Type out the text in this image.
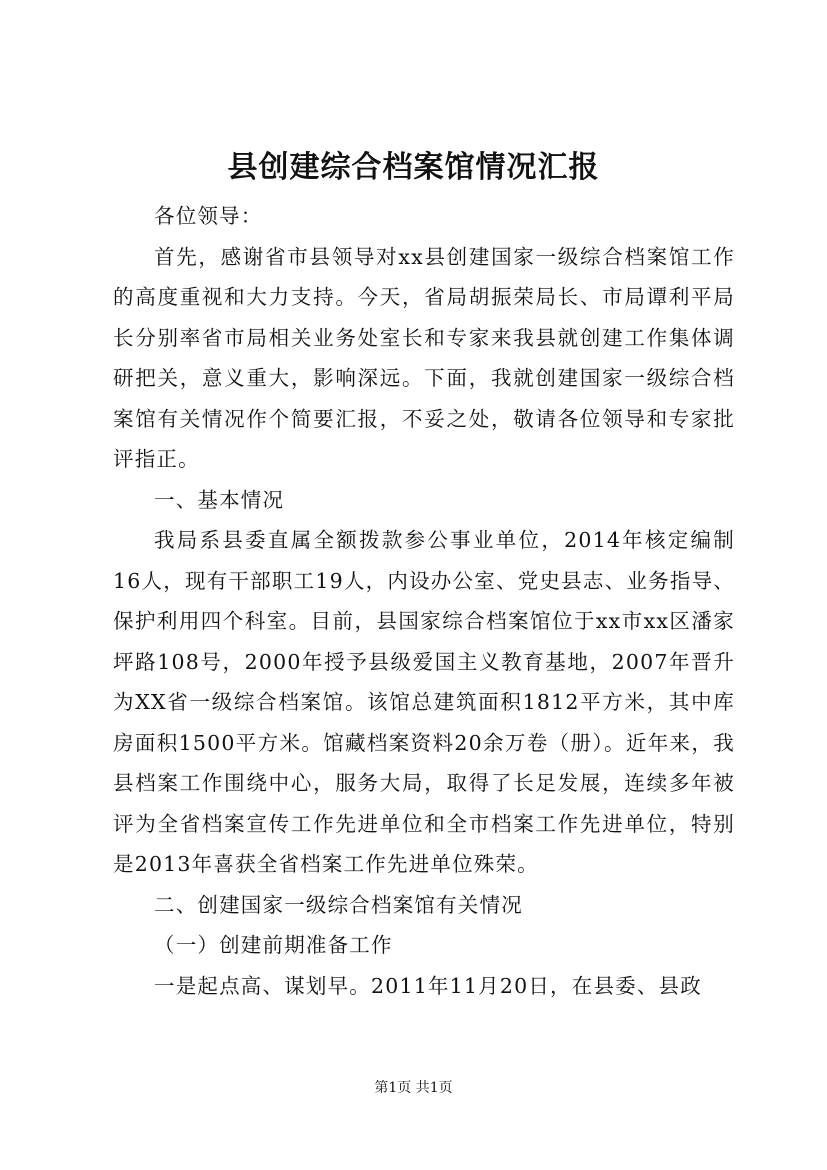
县创建综合档案馆情况汇报

各位领导：

首先，感谢省市县领导对xx县创建国家一级综合档案馆工作的高度重视和大力支持。今天，省局胡振荣局长、市局谭利平局长分别率省市局相关业务处室长和专家来我县就创建工作集体调研把关，意义重大，影响深远。下面，我就创建国家一级综合档案馆有关情况作个简要汇报，不妥之处，敬请各位领导和专家批评指正。

一、基本情况

我局系县委直属全额拨款参公事业单位，2014年核定编制16人，现有干部职工19人，内设办公室、党史县志、业务指导、保护利用四个科室。目前，县国家综合档案馆位于xx市xx区潘家坪路108号，2000年授予县级爱国主义教育基地，2007年晋升为XX省一级综合档案馆。该馆总建筑面积1812平方米，其中库房面积1500平方米。馆藏档案资料20余万卷（册）。近年来，我县档案工作围绕中心，服务大局，取得了长足发展，连续多年被评为全省档案宣传工作先进单位和全市档案工作先进单位，特别是2013年喜获全省档案工作先进单位殊荣。

二、创建国家一级综合档案馆有关情况

（一）创建前期准备工作

一是起点高、谋划早。2011年11月20日，在县委、县政

第1页 共1页
